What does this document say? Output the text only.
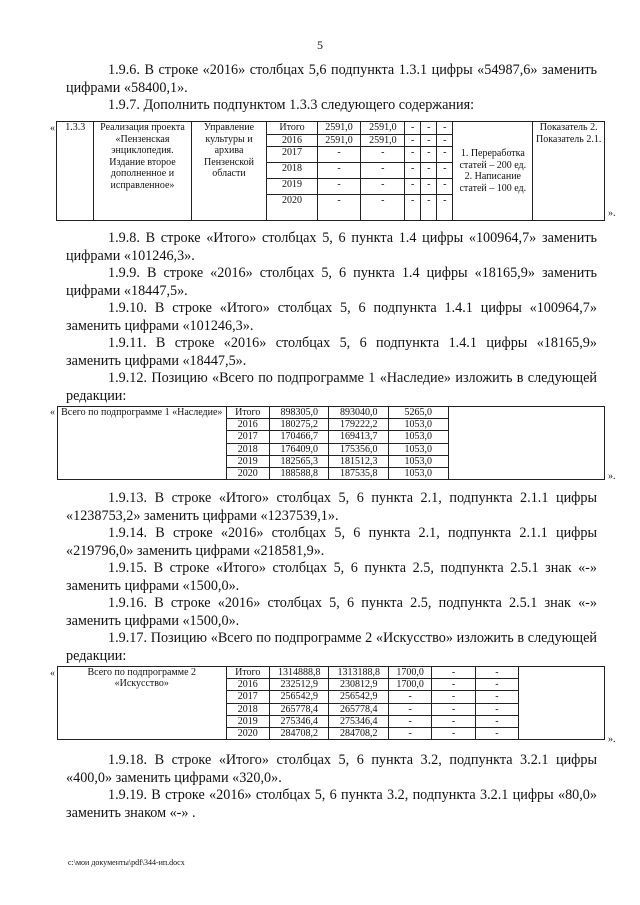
5
1.9.6. В строке «2016» столбцах 5,6 подпункта 1.3.1 цифры «54987,6» заменить цифрами «58400,1».
1.9.7. Дополнить подпунктом 1.3.3 следующего содержания:
« 1.3.3	Реализация проекта «Пензенская энциклопедия. Издание второе дополненное и исправленное»	Управление культуры и архива Пензенской области	Итого	2591,0	2591,0	-	-	-	1. Переработка статей – 200 ед. 2. Написание статей – 100 ед.	Показатель 2. Показатель 2.1.
			2016	2591,0	2591,0	-	-	-		
			2017	-	-	-	-	-		
			2018	-	-	-	-	-		
			2019	-	-	-	-	-		
			2020	-	-	-	-	-		
».
1.9.8. В строке «Итого» столбцах 5, 6 пункта 1.4 цифры «100964,7» заменить цифрами «101246,3».
1.9.9. В строке «2016» столбцах 5, 6 пункта 1.4 цифры «18165,9» заменить цифрами «18447,5».
1.9.10. В строке «Итого» столбцах 5, 6 подпункта 1.4.1 цифры «100964,7» заменить цифрами «101246,3».
1.9.11. В строке «2016» столбцах 5, 6 подпункта 1.4.1 цифры «18165,9» заменить цифрами «18447,5».
1.9.12. Позицию «Всего по подпрограмме 1 «Наследие» изложить в следующей редакции:
« Всего по подпрограмме 1 «Наследие»	Итого	898305,0	893040,0	5265,0	
	2016	180275,2	179222,2	1053,0	
	2017	170466,7	169413,7	1053,0	
	2018	176409,0	175356,0	1053,0	
	2019	182565,3	181512,3	1053,0	
	2020	188588,8	187535,8	1053,0		».
1.9.13. В строке «Итого» столбцах 5, 6 пункта 2.1, подпункта 2.1.1 цифры «1238753,2» заменить цифрами «1237539,1».
1.9.14. В строке «2016» столбцах 5, 6 пункта 2.1, подпункта 2.1.1 цифры «219796,0» заменить цифрами «218581,9».
1.9.15. В строке «Итого» столбцах 5, 6 пункта 2.5, подпункта 2.5.1 знак «-» заменить цифрами «1500,0».
1.9.16. В строке «2016» столбцах 5, 6 пункта 2.5, подпункта 2.5.1 знак «-» заменить цифрами «1500,0».
1.9.17. Позицию «Всего по подпрограмме 2 «Искусство» изложить в следующей редакции:
«	Всего по подпрограмме 2 «Искусство»	Итого	1314888,8	1313188,8	1700,0	-	-	
	2016	232512,9	230812,9	1700,0	-	-	
	2017	256542,9	256542,9	-	-	-	
	2018	265778,4	265778,4	-	-	-	
	2019	275346,4	275346,4	-	-	-	
	2020	284708,2	284708,2	-	-	-	
».
1.9.18. В строке «Итого» столбцах 5, 6 пункта 3.2, подпункта 3.2.1 цифры «400,0» заменить цифрами «320,0».
1.9.19. В строке «2016» столбцах 5, 6 пункта 3.2, подпункта 3.2.1 цифры «80,0» заменить знаком «-» .
c:\мои документы\pdf\344-ип.docx
